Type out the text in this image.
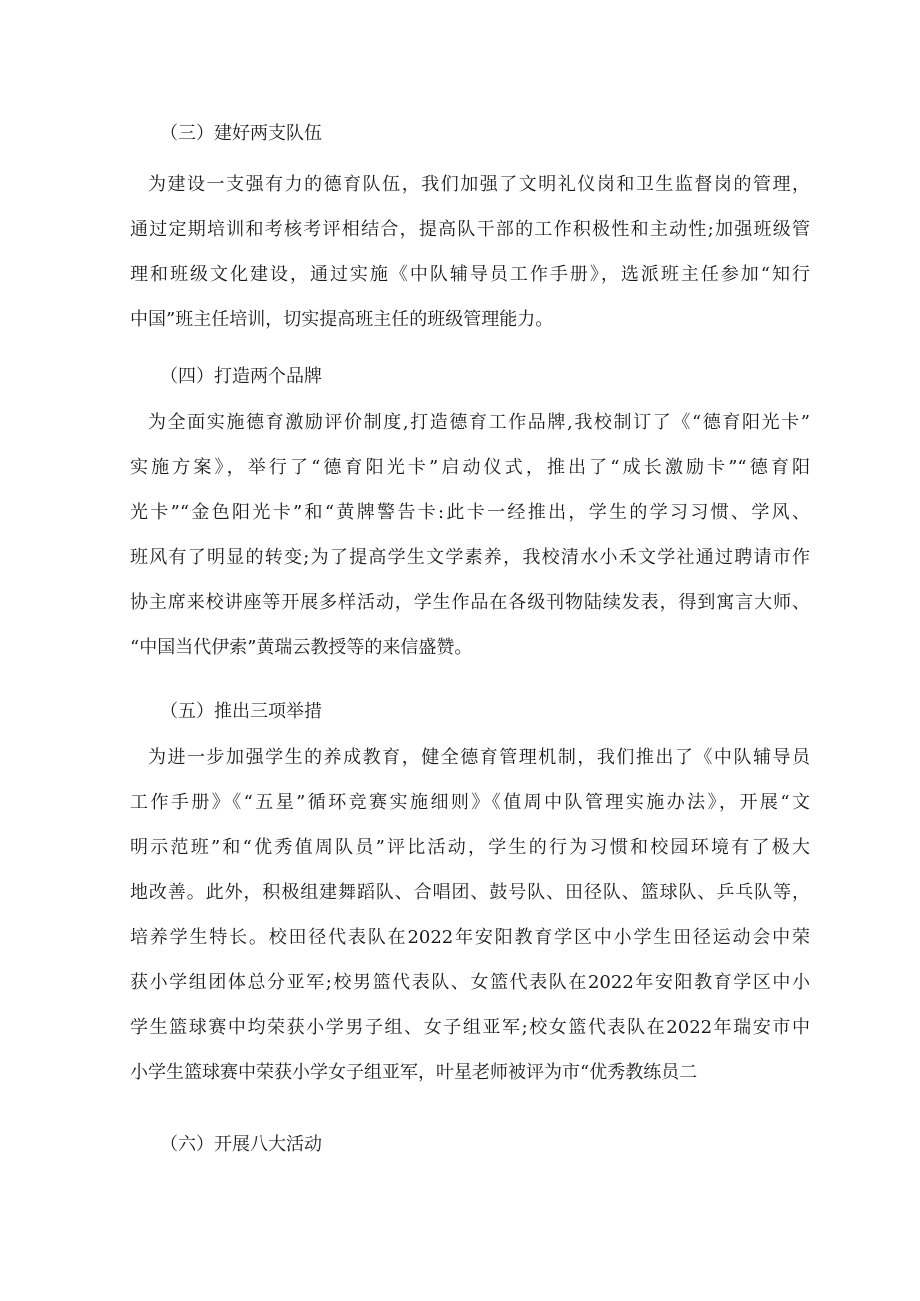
（三）建好两支队伍
为建设一支强有力的德育队伍，我们加强了文明礼仪岗和卫生监督岗的管理，
通过定期培训和考核考评相结合，提高队干部的工作积极性和主动性;加强班级管
理和班级文化建设，通过实施《中队辅导员工作手册》，选派班主任参加“知行
中国”班主任培训，切实提高班主任的班级管理能力。
（四）打造两个品牌
为全面实施德育激励评价制度,打造德育工作品牌,我校制订了《“德育阳光卡”
实施方案》，举行了“德育阳光卡”启动仪式，推出了“成长激励卡”“德育阳
光卡”“金色阳光卡”和“黄牌警告卡:此卡一经推出，学生的学习习惯、学风、
班风有了明显的转变;为了提高学生文学素养，我校清水小禾文学社通过聘请市作
协主席来校讲座等开展多样活动，学生作品在各级刊物陆续发表，得到寓言大师、
“中国当代伊索”黄瑞云教授等的来信盛赞。
（五）推出三项举措
为进一步加强学生的养成教育，健全德育管理机制，我们推出了《中队辅导员
工作手册》《“五星”循环竞赛实施细则》《值周中队管理实施办法》，开展“文
明示范班”和“优秀值周队员”评比活动，学生的行为习惯和校园环境有了极大
地改善。此外，积极组建舞蹈队、合唱团、鼓号队、田径队、篮球队、乒乓队等，
培养学生特长。校田径代表队在2022年安阳教育学区中小学生田径运动会中荣
获小学组团体总分亚军;校男篮代表队、女篮代表队在2022年安阳教育学区中小
学生篮球赛中均荣获小学男子组、女子组亚军;校女篮代表队在2022年瑞安市中
小学生篮球赛中荣获小学女子组亚军，叶星老师被评为市“优秀教练员二
（六）开展八大活动
